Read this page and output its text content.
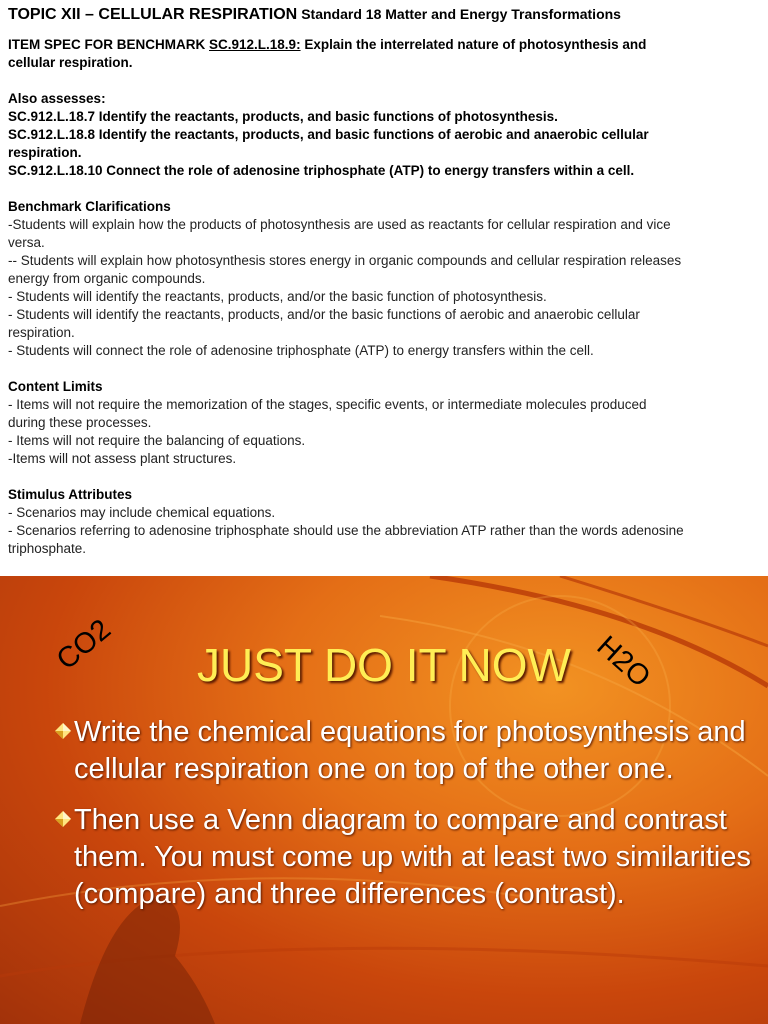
TOPIC XII – CELLULAR RESPIRATION Standard 18 Matter and Energy Transformations
ITEM SPEC FOR BENCHMARK SC.912.L.18.9: Explain the interrelated nature of photosynthesis and
cellular respiration.
Also assesses:
SC.912.L.18.7 Identify the reactants, products, and basic functions of photosynthesis.
SC.912.L.18.8 Identify the reactants, products, and basic functions of aerobic and anaerobic cellular
respiration.
SC.912.L.18.10 Connect the role of adenosine triphosphate (ATP) to energy transfers within a cell.
Benchmark Clarifications
-Students will explain how the products of photosynthesis are used as reactants for cellular respiration and vice
versa.
-- Students will explain how photosynthesis stores energy in organic compounds and cellular respiration releases
energy from organic compounds.
- Students will identify the reactants, products, and/or the basic function of photosynthesis.
- Students will identify the reactants, products, and/or the basic functions of aerobic and anaerobic cellular
respiration.
- Students will connect the role of adenosine triphosphate (ATP) to energy transfers within the cell.
Content Limits
- Items will not require the memorization of the stages, specific events, or intermediate molecules produced
during these processes.
- Items will not require the balancing of equations.
-Items will not assess plant structures.
Stimulus Attributes
- Scenarios may include chemical equations.
- Scenarios referring to adenosine triphosphate should use the abbreviation ATP rather than the words adenosine
triphosphate.
CO2	H2O
JUST DO IT NOW
Write the chemical equations for photosynthesis and cellular respiration one on top of the other one.
Then use a Venn diagram to compare and contrast them. You must come up with at least two similarities (compare) and three differences (contrast).
